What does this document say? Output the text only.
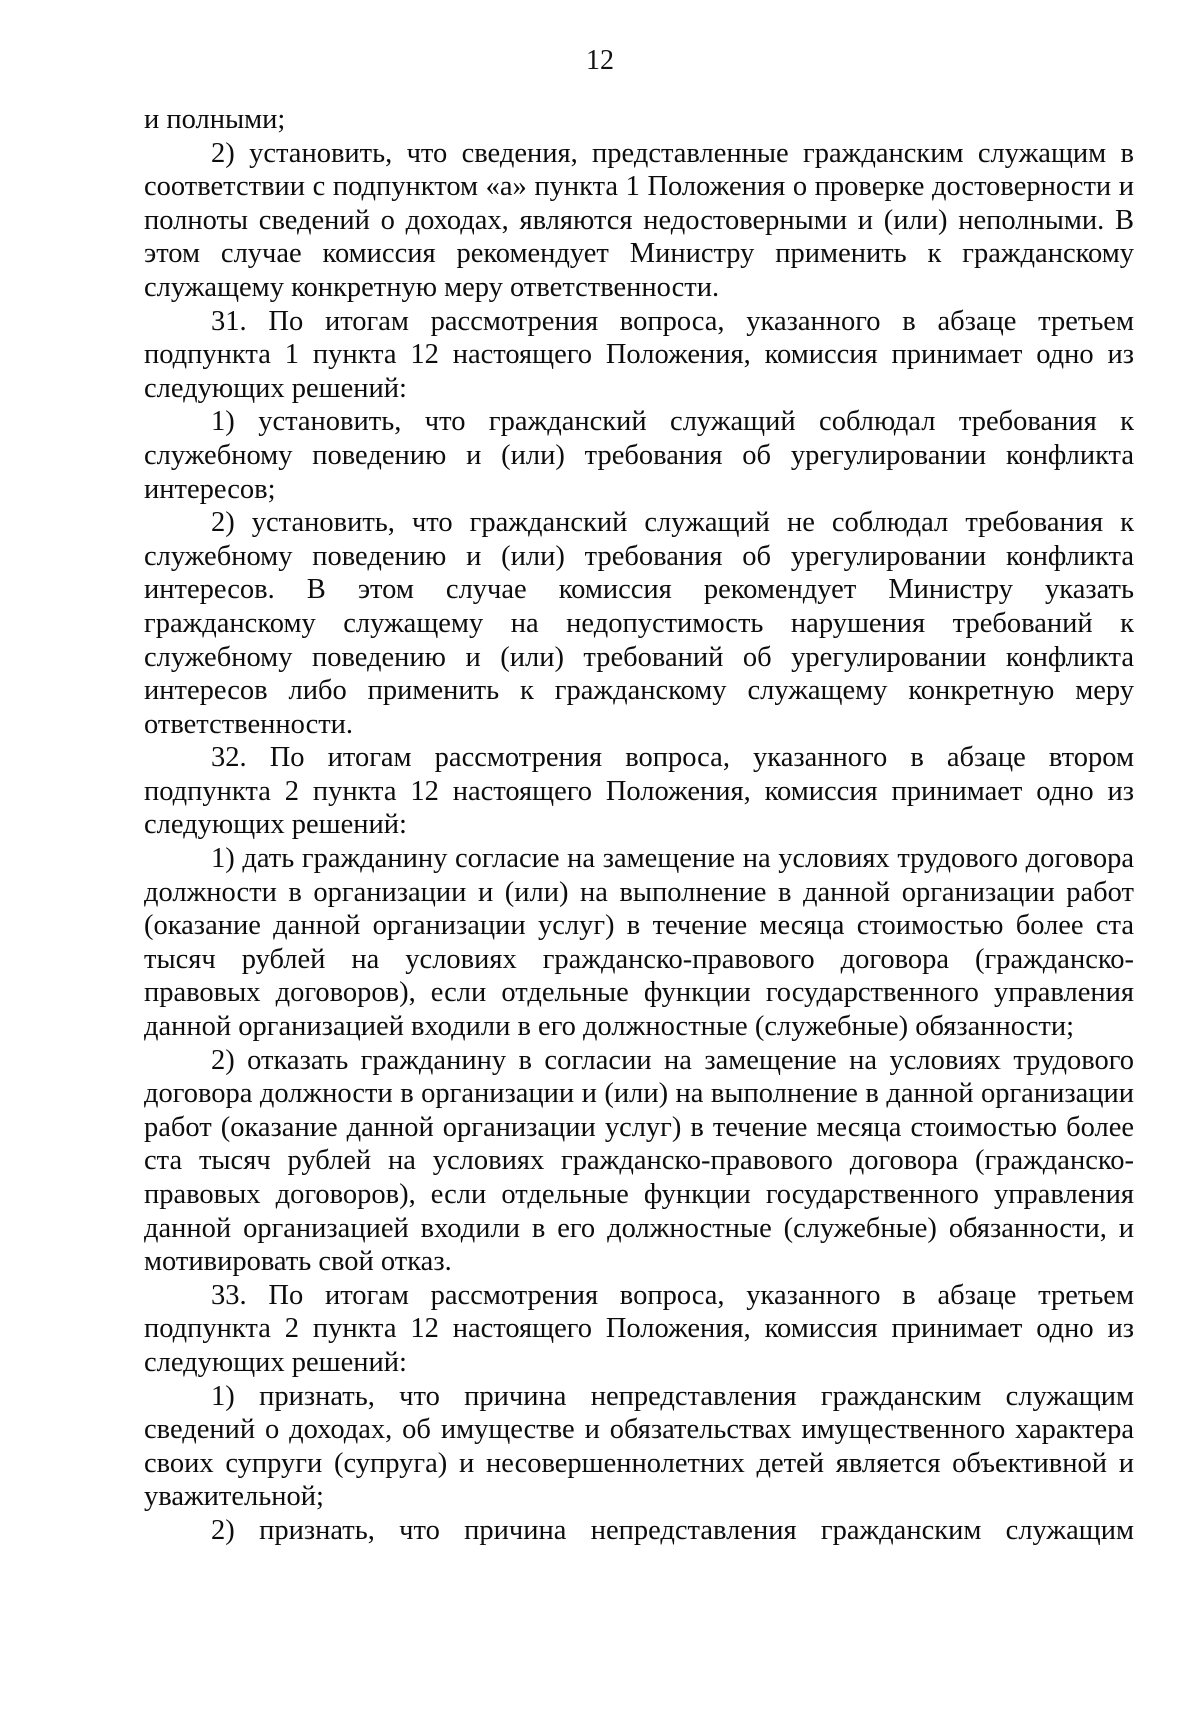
12

и полными;

2) установить, что сведения, представленные гражданским служащим в соответствии с подпунктом «а» пункта 1 Положения о проверке достоверности и полноты сведений о доходах, являются недостоверными и (или) неполными. В этом случае комиссия рекомендует Министру применить к гражданскому служащему конкретную меру ответственности.

31. По итогам рассмотрения вопроса, указанного в абзаце третьем подпункта 1 пункта 12 настоящего Положения, комиссия принимает одно из следующих решений:

1) установить, что гражданский служащий соблюдал требования к служебному поведению и (или) требования об урегулировании конфликта интересов;

2) установить, что гражданский служащий не соблюдал требования к служебному поведению и (или) требования об урегулировании конфликта интересов. В этом случае комиссия рекомендует Министру указать гражданскому служащему на недопустимость нарушения требований к служебному поведению и (или) требований об урегулировании конфликта интересов либо применить к гражданскому служащему конкретную меру ответственности.

32. По итогам рассмотрения вопроса, указанного в абзаце втором подпункта 2 пункта 12 настоящего Положения, комиссия принимает одно из следующих решений:

1) дать гражданину согласие на замещение на условиях трудового договора должности в организации и (или) на выполнение в данной организации работ (оказание данной организации услуг) в течение месяца стоимостью более ста тысяч рублей на условиях гражданско-правового договора (гражданско-правовых договоров), если отдельные функции государственного управления данной организацией входили в его должностные (служебные) обязанности;

2) отказать гражданину в согласии на замещение на условиях трудового договора должности в организации и (или) на выполнение в данной организации работ (оказание данной организации услуг) в течение месяца стоимостью более ста тысяч рублей на условиях гражданско-правового договора (гражданско-правовых договоров), если отдельные функции государственного управления данной организацией входили в его должностные (служебные) обязанности, и мотивировать свой отказ.

33. По итогам рассмотрения вопроса, указанного в абзаце третьем подпункта 2 пункта 12 настоящего Положения, комиссия принимает одно из следующих решений:

1) признать, что причина непредставления гражданским служащим сведений о доходах, об имуществе и обязательствах имущественного характера своих супруги (супруга) и несовершеннолетних детей является объективной и уважительной;

2) признать, что причина непредставления гражданским служащим
